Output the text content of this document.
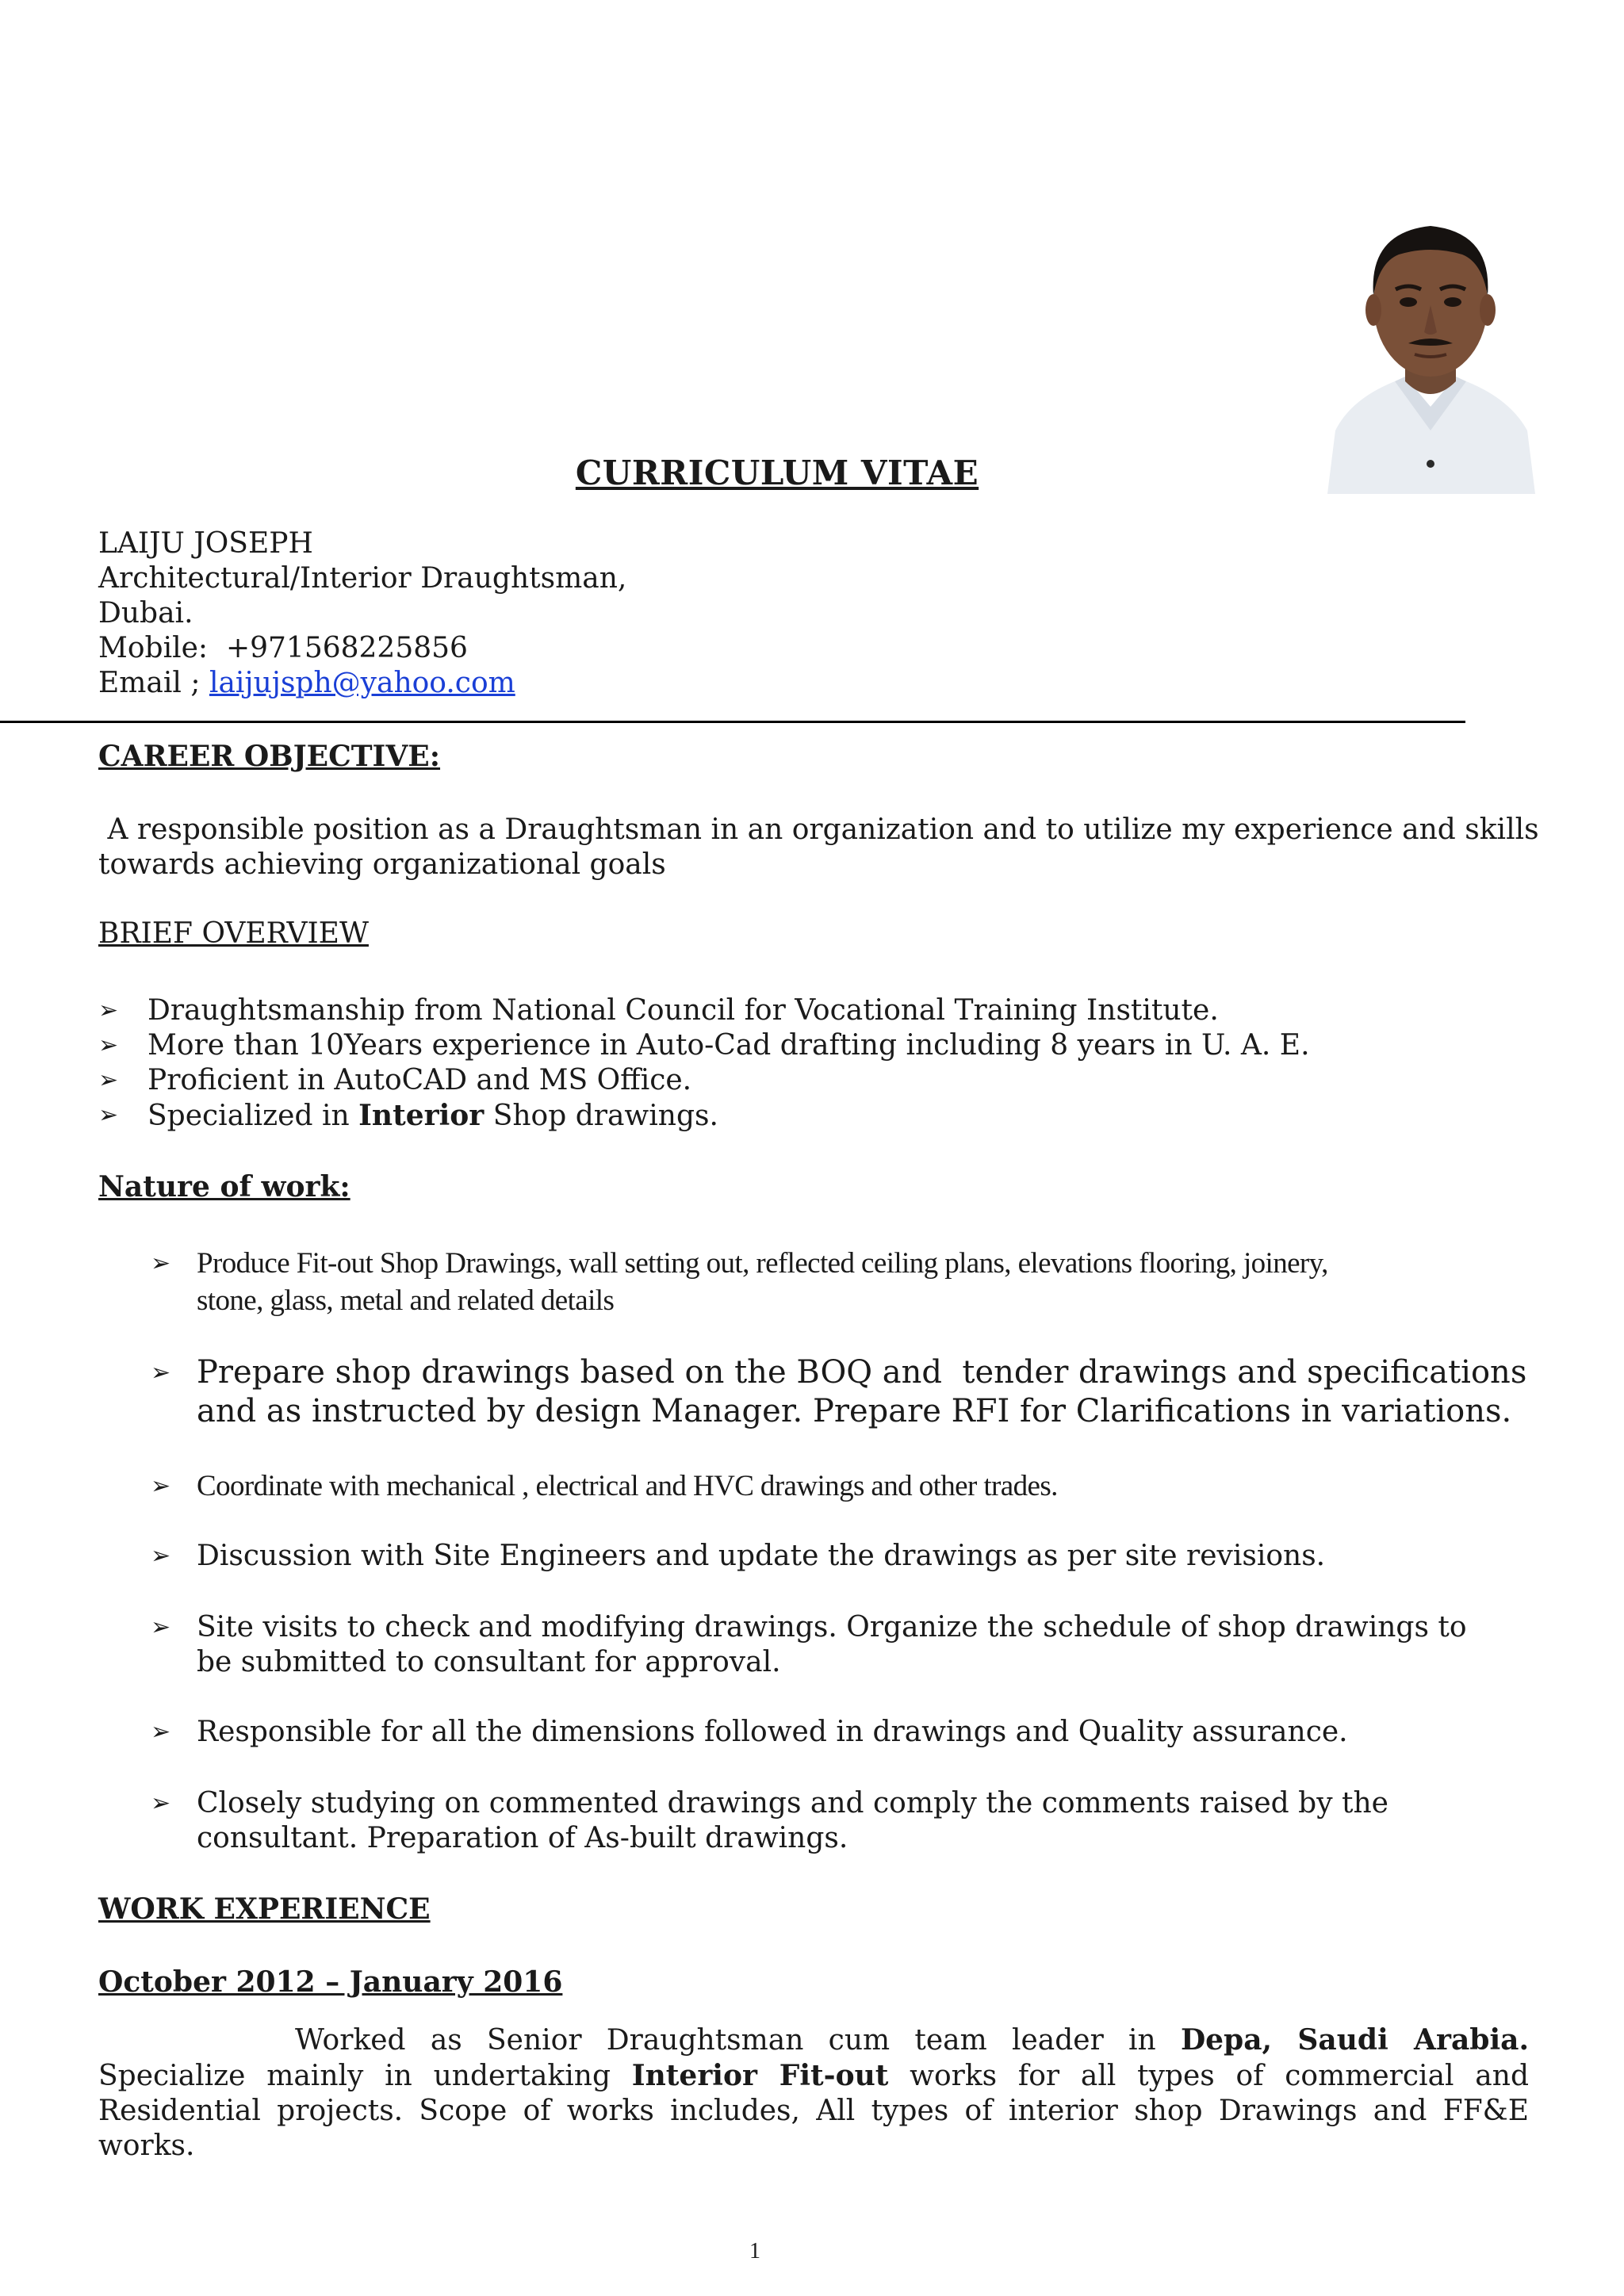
CURRICULUM VITAE
LAIJU JOSEPH
Architectural/Interior Draughtsman,
Dubai.
Mobile: +971568225856
Email ; laijujsph@yahoo.com
CAREER OBJECTIVE:
A responsible position as a Draughtsman in an organization and to utilize my experience and skills
towards achieving organizational goals
BRIEF OVERVIEW
➢	Draughtsmanship from National Council for Vocational Training Institute.
➢	More than 10Years experience in Auto-Cad drafting including 8 years in U. A. E.
➢	Proficient in AutoCAD and MS Office.
➢	Specialized in Interior Shop drawings.
Nature of work:
➢ Produce Fit-out Shop Drawings, wall setting out, reflected ceiling plans, elevations flooring, joinery,
stone, glass, metal and related details
➢ Prepare shop drawings based on the BOQ and  tender drawings and specifications
and as instructed by design Manager. Prepare RFI for Clarifications in variations.
➢ Coordinate with mechanical , electrical and HVC drawings and other trades.
➢ Discussion with Site Engineers and update the drawings as per site revisions.
➢ Site visits to check and modifying drawings. Organize the schedule of shop drawings to
be submitted to consultant for approval.
➢ Responsible for all the dimensions followed in drawings and Quality assurance.
➢ Closely studying on commented drawings and comply the comments raised by the
consultant. Preparation of As-built drawings.
WORK EXPERIENCE
October 2012 – January 2016
Worked as Senior Draughtsman cum team leader in Depa, Saudi Arabia.
Specialize mainly in undertaking Interior Fit-out works for all types of commercial and
Residential projects. Scope of works includes, All types of interior shop Drawings and FF&E
works.
1
